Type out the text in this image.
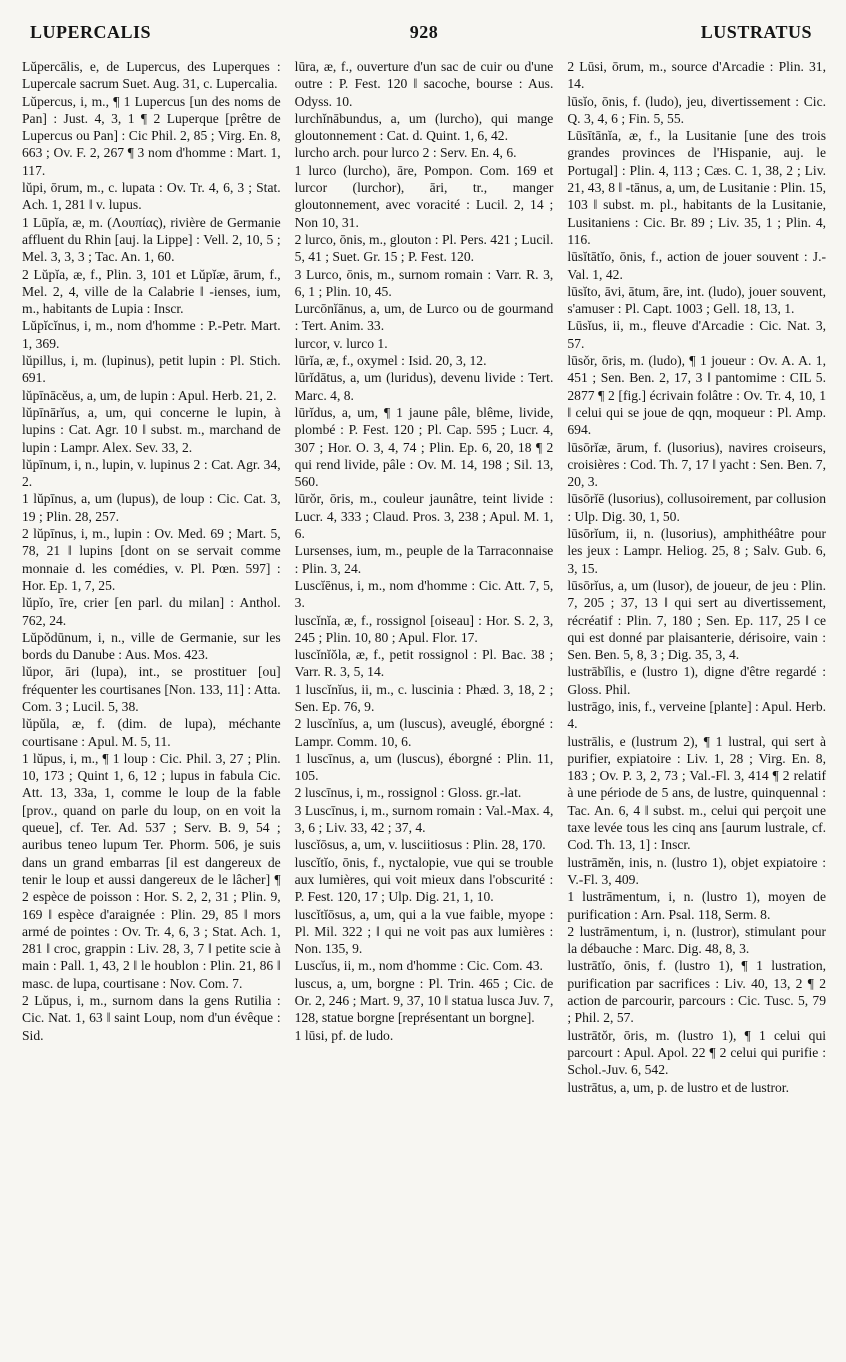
LUPERCALIS	928	LUSTRATUS
Lŭpercālis, e, de Lupercus, des Luperques : Lupercale sacrum Suet. Aug. 31, c. Lupercalia.
Lŭpercus, i, m., ¶ 1 Lupercus [un des noms de Pan] : Just. 4, 3, 1 ¶ 2 Luperque [prêtre de Lupercus ou Pan] : Cic Phil. 2, 85 ; Virg. En. 8, 663 ; Ov. F. 2, 267 ¶ 3 nom d'homme : Mart. 1, 117.
lŭpi, ōrum, m., c. lupata : Ov. Tr. 4, 6, 3 ; Stat. Ach. 1, 281 ‖ v. lupus.
1 Lūpĭa, æ, m. (Λουπίας), rivière de Germanie affluent du Rhin [auj. la Lippe] : Vell. 2, 10, 5 ; Mel. 3, 3, 3 ; Tac. An. 1, 60.
2 Lŭpĭa, æ, f., Plin. 3, 101 et Lŭpĭæ, ārum, f., Mel. 2, 4, ville de la Calabrie ‖ -ienses, ium, m., habitants de Lupia : Inscr.
Lŭpĭcĭnus, i, m., nom d'homme : P.-Petr. Mart. 1, 369.
lŭpillus, i, m. (lupinus), petit lupin : Pl. Stich. 691.
lŭpīnācĕus, a, um, de lupin : Apul. Herb. 21, 2.
lŭpīnārĭus, a, um, qui concerne le lupin, à lupins : Cat. Agr. 10 ‖ subst. m., marchand de lupin : Lampr. Alex. Sev. 33, 2.
lŭpīnum, i, n., lupin, v. lupinus 2 : Cat. Agr. 34, 2.
1 lŭpīnus, a, um (lupus), de loup : Cic. Cat. 3, 19 ; Plin. 28, 257.
2 lŭpīnus, i, m., lupin : Ov. Med. 69 ; Mart. 5, 78, 21 ‖ lupins [dont on se servait comme monnaie d. les comédies, v. Pl. Pœn. 597] : Hor. Ep. 1, 7, 25.
lŭpĭo, īre, crier [en parl. du milan] : Anthol. 762, 24.
Lŭpŏdūnum, i, n., ville de Germanie, sur les bords du Danube : Aus. Mos. 423.
lŭpor, āri (lupa), int., se prostituer [ou] fréquenter les courtisanes [Non. 133, 11] : Atta. Com. 3 ; Lucil. 5, 38.
lŭpŭla, æ, f. (dim. de lupa), méchante courtisane : Apul. M. 5, 11.
1 lŭpus, i, m., ¶ 1 loup : Cic. Phil. 3, 27 ; Plin. 10, 173 ; Quint 1, 6, 12 ; lupus in fabula Cic. Att. 13, 33a, 1, comme le loup de la fable [prov., quand on parle du loup, on en voit la queue], cf. Ter. Ad. 537 ; Serv. B. 9, 54 ; auribus teneo lupum Ter. Phorm. 506, je suis dans un grand embarras [il est dangereux de tenir le loup et aussi dangereux de le lâcher] ¶ 2 espèce de poisson : Hor. S. 2, 2, 31 ; Plin. 9, 169 ‖ espèce d'araignée : Plin. 29, 85 ‖ mors armé de pointes : Ov. Tr. 4, 6, 3 ; Stat. Ach. 1, 281 ‖ croc, grappin : Liv. 28, 3, 7 ‖ petite scie à main : Pall. 1, 43, 2 ‖ le houblon : Plin. 21, 86 ‖ masc. de lupa, courtisane : Nov. Com. 7.
2 Lŭpus, i, m., surnom dans la gens Rutilia : Cic. Nat. 1, 63 ‖ saint Loup, nom d'un évêque : Sid.
lūra, æ, f., ouverture d'un sac de cuir ou d'une outre : P. Fest. 120 ‖ sacoche, bourse : Aus. Odyss. 10.
lurchĭnābundus, a, um (lurcho), qui mange gloutonnement : Cat. d. Quint. 1, 6, 42.
lurcho arch. pour lurco 2 : Serv. En. 4, 6.
1 lurco (lurcho), āre, Pompon. Com. 169 et lurcor (lurchor), āri, tr., manger gloutonnement, avec voracité : Lucil. 2, 14 ; Non 10, 31.
2 lurco, ōnis, m., glouton : Pl. Pers. 421 ; Lucil. 5, 41 ; Suet. Gr. 15 ; P. Fest. 120.
3 Lurco, ōnis, m., surnom romain : Varr. R. 3, 6, 1 ; Plin. 10, 45.
Lurcōnĭānus, a, um, de Lurco ou de gourmand : Tert. Anim. 33.
lurcor, v. lurco 1.
lūrĭa, æ, f., oxymel : Isid. 20, 3, 12.
lūrĭdātus, a, um (luridus), devenu livide : Tert. Marc. 4, 8.
lūrĭdus, a, um, ¶ 1 jaune pâle, blême, livide, plombé : P. Fest. 120 ; Pl. Cap. 595 ; Lucr. 4, 307 ; Hor. O. 3, 4, 74 ; Plin. Ep. 6, 20, 18 ¶ 2 qui rend livide, pâle : Ov. M. 14, 198 ; Sil. 13, 560.
lūrŏr, ōris, m., couleur jaunâtre, teint livide : Lucr. 4, 333 ; Claud. Pros. 3, 238 ; Apul. M. 1, 6.
Lursenses, ium, m., peuple de la Tarraconnaise : Plin. 3, 24.
Luscĭēnus, i, m., nom d'homme : Cic. Att. 7, 5, 3.
luscĭnĭa, æ, f., rossignol [oiseau] : Hor. S. 2, 3, 245 ; Plin. 10, 80 ; Apul. Flor. 17.
luscĭnĭŏla, æ, f., petit rossignol : Pl. Bac. 38 ; Varr. R. 3, 5, 14.
1 luscĭnĭus, ii, m., c. luscinia : Phæd. 3, 18, 2 ; Sen. Ep. 76, 9.
2 luscĭnĭus, a, um (luscus), aveuglé, éborgné : Lampr. Comm. 10, 6.
1 luscīnus, a, um (luscus), éborgné : Plin. 11, 105.
2 luscīnus, i, m., rossignol : Gloss. gr.-lat.
3 Luscīnus, i, m., surnom romain : Val.-Max. 4, 3, 6 ; Liv. 33, 42 ; 37, 4.
luscĭōsus, a, um, v. lusciitiosus : Plin. 28, 170.
luscĭtĭo, ōnis, f., nyctalopie, vue qui se trouble aux lumières, qui voit mieux dans l'obscurité : P. Fest. 120, 17 ; Ulp. Dig. 21, 1, 10.
luscĭtĭōsus, a, um, qui a la vue faible, myope : Pl. Mil. 322 ; ‖ qui ne voit pas aux lumières : Non. 135, 9.
Luscĭus, ii, m., nom d'homme : Cic. Com. 43.
luscus, a, um, borgne : Pl. Trin. 465 ; Cic. de Or. 2, 246 ; Mart. 9, 37, 10 ‖ statua lusca Juv. 7, 128, statue borgne [représentant un borgne].
1 lūsi, pf. de ludo.
2 Lūsi, ōrum, m., source d'Arcadie : Plin. 31, 14.
lūsĭo, ōnis, f. (ludo), jeu, divertissement : Cic. Q. 3, 4, 6 ; Fin. 5, 55.
Lūsītānĭa, æ, f., la Lusitanie [une des trois grandes provinces de l'Hispanie, auj. le Portugal] : Plin. 4, 113 ; Cæs. C. 1, 38, 2 ; Liv. 21, 43, 8 ‖ -tānus, a, um, de Lusitanie : Plin. 15, 103 ‖ subst. m. pl., habitants de la Lusitanie, Lusitaniens : Cic. Br. 89 ; Liv. 35, 1 ; Plin. 4, 116.
lūsĭtātĭo, ōnis, f., action de jouer souvent : J.-Val. 1, 42.
lūsĭto, āvi, ātum, āre, int. (ludo), jouer souvent, s'amuser : Pl. Capt. 1003 ; Gell. 18, 13, 1.
Lūsĭus, ii, m., fleuve d'Arcadie : Cic. Nat. 3, 57.
lūsŏr, ōris, m. (ludo), ¶ 1 joueur : Ov. A. A. 1, 451 ; Sen. Ben. 2, 17, 3 ‖ pantomime : CIL 5. 2877 ¶ 2 [fig.] écrivain folâtre : Ov. Tr. 4, 10, 1 ‖ celui qui se joue de qqn, moqueur : Pl. Amp. 694.
lūsōrĭæ, ārum, f. (lusorius), navires croiseurs, croisières : Cod. Th. 7, 17 ‖ yacht : Sen. Ben. 7, 20, 3.
lūsōrĭē (lusorius), collusoirement, par collusion : Ulp. Dig. 30, 1, 50.
lūsōrĭum, ii, n. (lusorius), amphithéâtre pour les jeux : Lampr. Heliog. 25, 8 ; Salv. Gub. 6, 3, 15.
lūsōrĭus, a, um (lusor), de joueur, de jeu : Plin. 7, 205 ; 37, 13 ‖ qui sert au divertissement, récréatif : Plin. 7, 180 ; Sen. Ep. 117, 25 ‖ ce qui est donné par plaisanterie, dérisoire, vain : Sen. Ben. 5, 8, 3 ; Dig. 35, 3, 4.
lustrābĭlis, e (lustro 1), digne d'être regardé : Gloss. Phil.
lustrāgo, inis, f., verveine [plante] : Apul. Herb. 4.
lustrālis, e (lustrum 2), ¶ 1 lustral, qui sert à purifier, expiatoire : Liv. 1, 28 ; Virg. En. 8, 183 ; Ov. P. 3, 2, 73 ; Val.-Fl. 3, 414 ¶ 2 relatif à une période de 5 ans, de lustre, quinquennal : Tac. An. 6, 4 ‖ subst. m., celui qui perçoit une taxe levée tous les cinq ans [aurum lustrale, cf. Cod. Th. 13, 1] : Inscr.
lustrāmĕn, inis, n. (lustro 1), objet expiatoire : V.-Fl. 3, 409.
1 lustrāmentum, i, n. (lustro 1), moyen de purification : Arn. Psal. 118, Serm. 8.
2 lustrāmentum, i, n. (lustror), stimulant pour la débauche : Marc. Dig. 48, 8, 3.
lustrātĭo, ōnis, f. (lustro 1), ¶ 1 lustration, purification par sacrifices : Liv. 40, 13, 2 ¶ 2 action de parcourir, parcours : Cic. Tusc. 5, 79 ; Phil. 2, 57.
lustrātŏr, ōris, m. (lustro 1), ¶ 1 celui qui parcourt : Apul. Apol. 22 ¶ 2 celui qui purifie : Schol.-Juv. 6, 542.
lustrātus, a, um, p. de lustro et de lustror.
